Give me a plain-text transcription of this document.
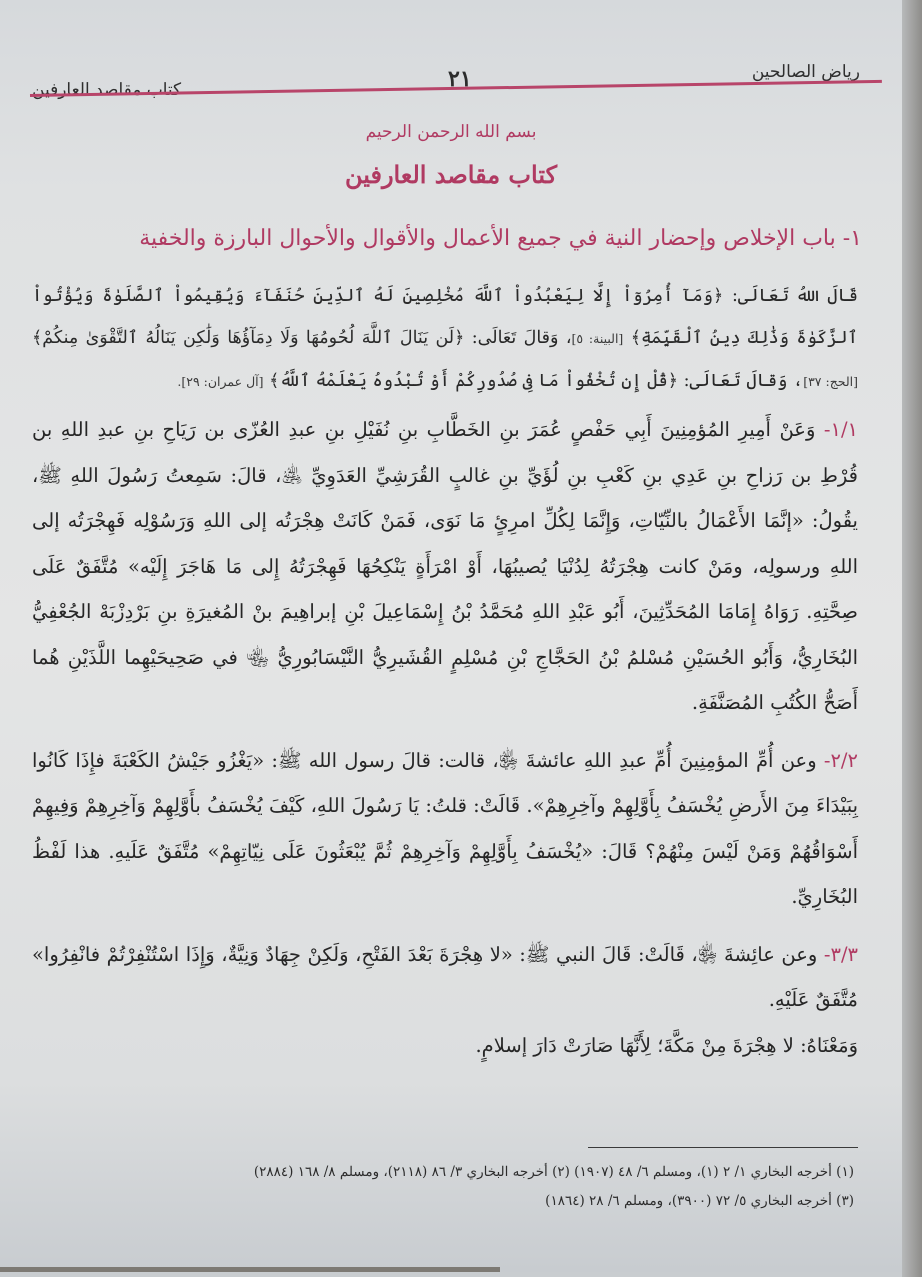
رياض الصالحين
٢١
كتاب مقاصد العارفين
بسم الله الرحمن الرحيم
كتاب مقاصد العارفين
١- باب الإخلاص وإحضار النية في جميع الأعمال والأقوال والأحوال البارزة والخفية

قَالَ اللهُ تَعَالَى: ﴿وَمَآ أُمِرُوٓاْ إِلَّا لِيَعْبُدُواْ ٱللَّهَ مُخْلِصِينَ لَهُ ٱلدِّينَ حُنَفَآءَ وَيُقِيمُواْ ٱلصَّلَوٰةَ وَيُؤْتُواْ ٱلزَّكَوٰةَ وَذَٰلِكَ دِينُ ٱلْقَيِّمَةِ﴾ [البينة: ٥]، وَقالَ تَعَالَى: ﴿لَن يَنَالَ ٱللَّهَ لُحُومُهَا وَلَا دِمَآؤُهَا وَلَٰكِن يَنَالُهُ ٱلتَّقْوَىٰ مِنكُمْ﴾ [الحج: ٣٧]، وَقالَ تَعَالَى: ﴿قُلْ إِن تُخْفُواْ مَا فِى صُدُورِكُمْ أَوْ تُبْدُوهُ يَعْلَمْهُ ٱللَّهُ﴾ [آل عمران: ٢٩].

١/١- وَعَنْ أَمِيرِ المُؤمِنِينَ أَبِي حَفْصٍ عُمَرَ بنِ الخَطَّابِ بنِ نُفَيْلِ بنِ عبدِ العُزّى بن رَيَاحِ بنِ عبدِ اللهِ بن قُرْطِ بن رَزاحِ بنِ عَدِي بنِ كَعْبِ بنِ لُؤَيِّ بنِ غالبٍ القُرَشِيِّ العَدَوِيِّ ﵁، قالَ: سَمِعتُ رَسُولَ اللهِ ﷺ، يقُولُ: «إنَّمَا الأَعْمَالُ بالنِّيّاتِ، وَإِنَّمَا لِكُلِّ امرِئٍ مَا نَوَى، فَمَنْ كَانَتْ هِجْرَتُه إلى اللهِ وَرَسُوْلِه فَهِجْرَتُه إلى اللهِ ورسولِه، ومَنْ كانت هِجْرَتُهُ لِدُنْيَا يُصيبُهَا، أَوْ امْرَأَةٍ يَنْكِحُهَا فَهِجْرَتُهُ إِلى مَا هَاجَرَ إِلَيْه» مُتَّفَقٌ عَلَى صِحَّتِهِ. رَوَاهُ إِمَامَا المُحَدِّثِينَ، أَبُو عَبْدِ اللهِ مُحَمَّدُ بْنُ إِسْمَاعِيلَ بْنِ إبراهِيمَ بنْ المُغيرَةِ بنِ بَرْدِزْبَهْ الجُعْفِيُّ البُخَارِيُّ، وَأَبُو الحُسَيْنِ مُسْلمُ بْنُ الحَجَّاجِ بْنِ مُسْلِمٍ القُشَيرِيُّ النَّيْسَابُورِيُّ ﵄ في صَحِيحَيْهِما اللَّذَيْنِ هُما أَصَحُّ الكُتُبِ المُصَنَّفَةِ.

٢/٢- وعن أُمِّ المؤمِنِينَ أُمِّ عبدِ اللهِ عائشةَ ﵂، قالت: قالَ رسول الله ﷺ: «يَغْزُو جَيْشُ الكَعْبَةَ فإِذَا كَانُوا بِبَيْدَاءَ مِنَ الأَرضِ يُخْسَفُ بِأَوَّلِهِمْ وآخِرِهِمْ». قَالَتْ: قلتُ: يَا رَسُولَ اللهِ، كَيْفَ يُخْسَفُ بأَوَّلِهِمْ وَآخِرِهِمْ وَفِيهِمْ أَسْوَاقُهُمْ وَمَنْ لَيْسَ مِنْهُمْ؟ قَالَ: «يُخْسَفُ بِأَوَّلِهِمْ وَآخِرِهِمْ ثُمَّ يُبْعَثُونَ عَلَى نِيّاتِهِمْ» مُتَّفَقٌ عَلَيهِ. هذا لَفْظُ البُخَارِيِّ.

٣/٣- وعن عائِشةَ ﵂، قَالَتْ: قَالَ النبي ﷺ: «لا هِجْرَةَ بَعْدَ الفَتْحِ، وَلَكِنْ جِهَادٌ وَنِيَّةٌ، وَإِذَا اسْتُنْفِرْتُمْ فانْفِرُوا» مُتَّفَقٌ عَلَيْهِ.

وَمَعْنَاهُ: لا هِجْرَةَ مِنْ مَكَّةَ؛ لِأَنَّهَا صَارَتْ دَارَ إسلامٍ.

(١) أخرجه البخاري ١/ ٢ (١)، ومسلم ٦/ ٤٨ (١٩٠٧) (٢) أخرجه البخاري ٣/ ٨٦ (٢١١٨)، ومسلم ٨/ ١٦٨ (٢٨٨٤)
(٣) أخرجه البخاري ٥/ ٧٢ (٣٩٠٠)، ومسلم ٦/ ٢٨ (١٨٦٤)
